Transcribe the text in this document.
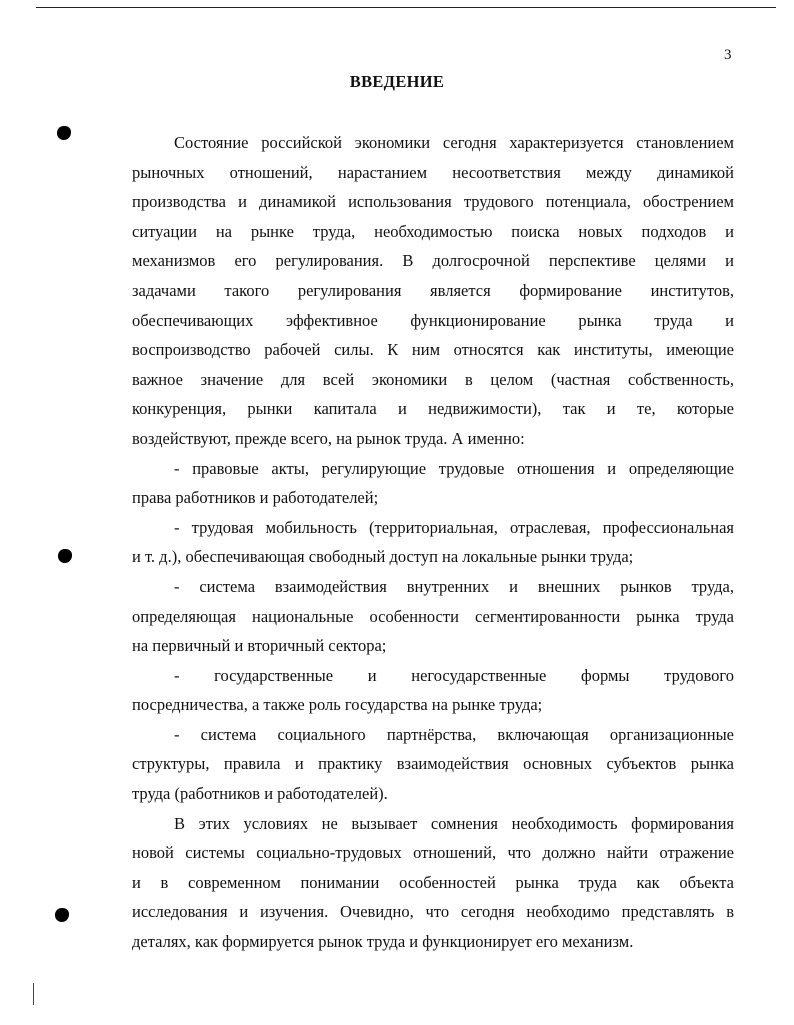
3
ВВЕДЕНИЕ
Состояние российской экономики сегодня характеризуется становлением
рыночных отношений, нарастанием несоответствия между динамикой
производства и динамикой использования трудового потенциала, обострением
ситуации на рынке труда, необходимостью поиска новых подходов и
механизмов его регулирования. В долгосрочной перспективе целями и
задачами такого регулирования является формирование институтов,
обеспечивающих эффективное функционирование рынка труда и
воспроизводство рабочей силы. К ним относятся как институты, имеющие
важное значение для всей экономики в целом (частная собственность,
конкуренция, рынки капитала и недвижимости), так и те, которые
воздействуют, прежде всего, на рынок труда. А именно:
- правовые акты, регулирующие трудовые отношения и определяющие
права работников и работодателей;
- трудовая мобильность (территориальная, отраслевая, профессиональная
и т. д.), обеспечивающая свободный доступ на локальные рынки труда;
- система взаимодействия внутренних и внешних рынков труда,
определяющая национальные особенности сегментированности рынка труда
на первичный и вторичный сектора;
- государственные и негосударственные формы трудового
посредничества, а также роль государства на рынке труда;
- система социального партнёрства, включающая организационные
структуры, правила и практику взаимодействия основных субъектов рынка
труда (работников и работодателей).
В этих условиях не вызывает сомнения необходимость формирования
новой системы социально-трудовых отношений, что должно найти отражение
и в современном понимании особенностей рынка труда как объекта
исследования и изучения. Очевидно, что сегодня необходимо представлять в
деталях, как формируется рынок труда и функционирует его механизм.
